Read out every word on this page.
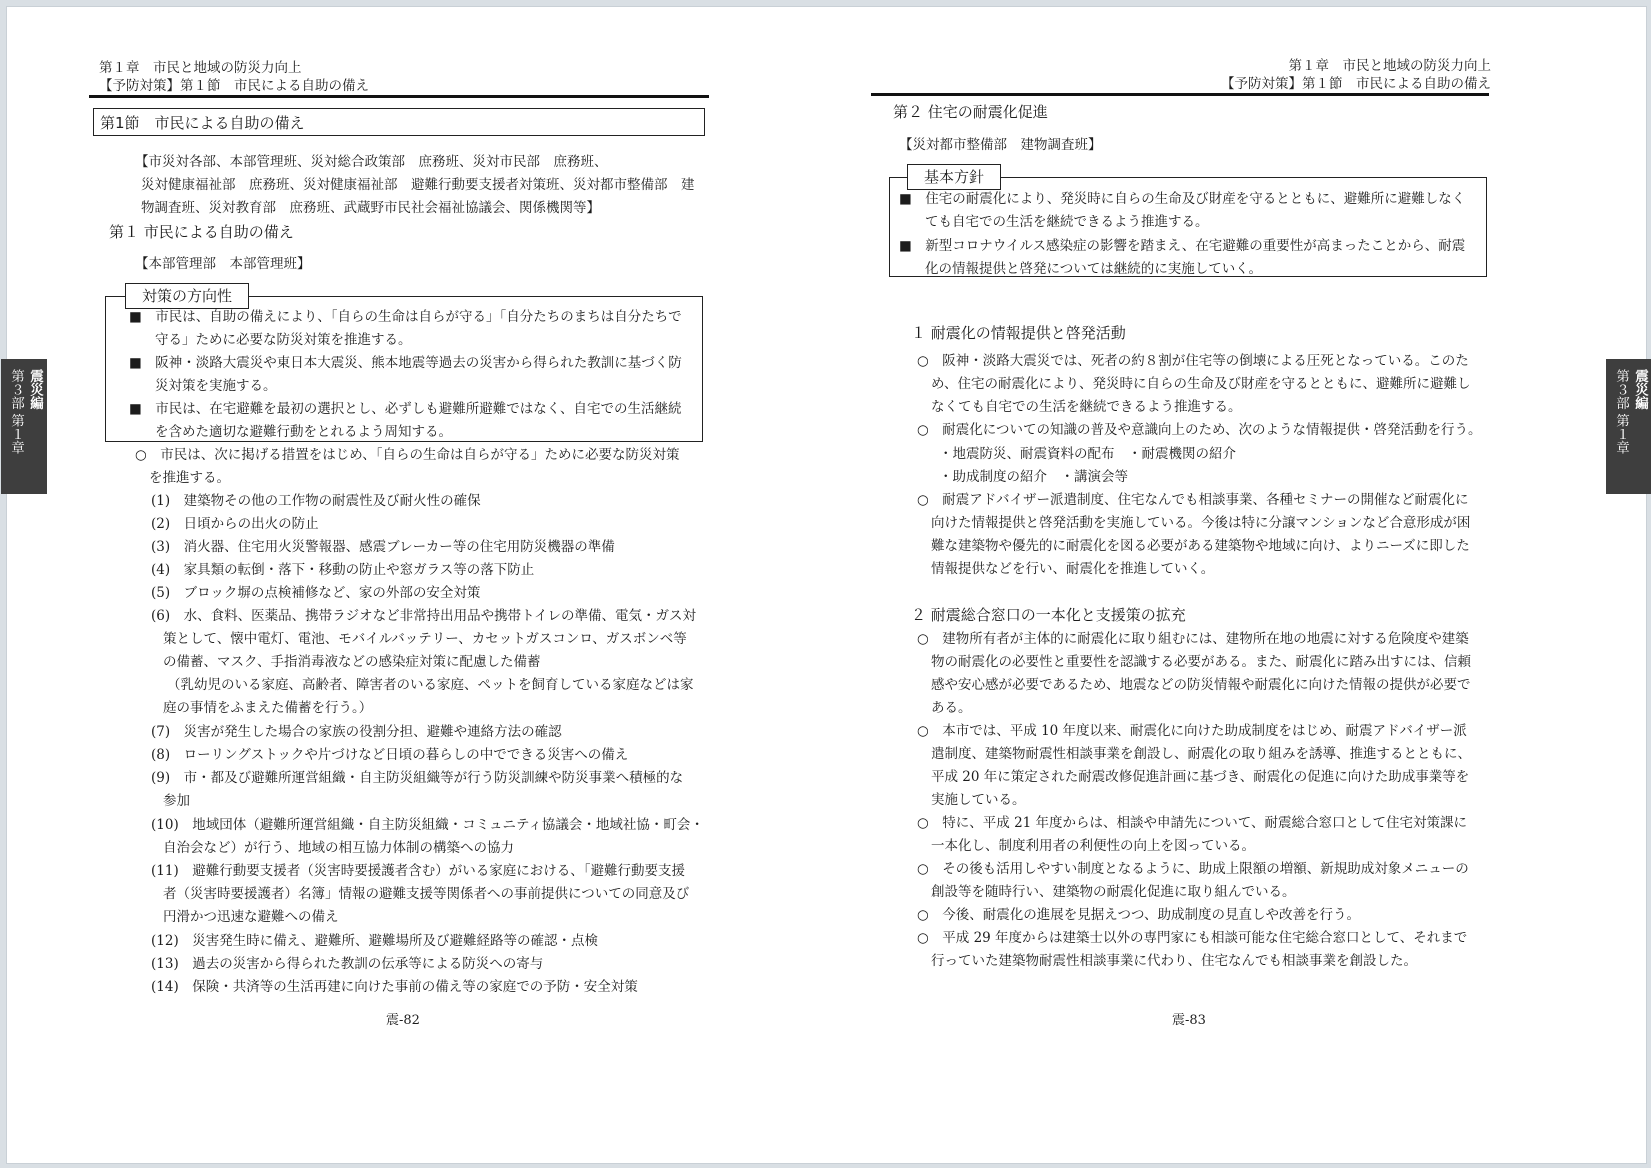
第１章　市民と地域の防災力向上
【予防対策】第１節　市民による自助の備え
第1節　市民による自助の備え
【市災対各部、本部管理班、災対総合政策部　庶務班、災対市民部　庶務班、
災対健康福祉部　庶務班、災対健康福祉部　避難行動要支援者対策班、災対都市整備部　建
物調査班、災対教育部　庶務班、武蔵野市民社会福祉協議会、関係機関等】
第１ 市民による自助の備え
【本部管理部　本部管理班】
対策の方向性
■　市民は、自助の備えにより、「自らの生命は自らが守る」「自分たちのまちは自分たちで
守る」ために必要な防災対策を推進する。
■　阪神・淡路大震災や東日本大震災、熊本地震等過去の災害から得られた教訓に基づく防
災対策を実施する。
■　市民は、在宅避難を最初の選択とし、必ずしも避難所避難ではなく、自宅での生活継続
を含めた適切な避難行動をとれるよう周知する。
○　市民は、次に掲げる措置をはじめ、「自らの生命は自らが守る」ために必要な防災対策
を推進する。
(1)　建築物その他の工作物の耐震性及び耐火性の確保
(2)　日頃からの出火の防止
(3)　消火器、住宅用火災警報器、感震ブレーカー等の住宅用防災機器の準備
(4)　家具類の転倒・落下・移動の防止や窓ガラス等の落下防止
(5)　ブロック塀の点検補修など、家の外部の安全対策
(6)　水、食料、医薬品、携帯ラジオなど非常持出用品や携帯トイレの準備、電気・ガス対
策として、懐中電灯、電池、モバイルバッテリー、カセットガスコンロ、ガスボンベ等
の備蓄、マスク、手指消毒液などの感染症対策に配慮した備蓄
（乳幼児のいる家庭、高齢者、障害者のいる家庭、ペットを飼育している家庭などは家
庭の事情をふまえた備蓄を行う。）
(7)　災害が発生した場合の家族の役割分担、避難や連絡方法の確認
(8)　ローリングストックや片づけなど日頃の暮らしの中でできる災害への備え
(9)　市・都及び避難所運営組織・自主防災組織等が行う防災訓練や防災事業へ積極的な
参加
(10)　地域団体（避難所運営組織・自主防災組織・コミュニティ協議会・地域社協・町会・
自治会など）が行う、地域の相互協力体制の構築への協力
(11)　避難行動要支援者（災害時要援護者含む）がいる家庭における、「避難行動要支援
者（災害時要援護者）名簿」情報の避難支援等関係者への事前提供についての同意及び
円滑かつ迅速な避難への備え
(12)　災害発生時に備え、避難所、避難場所及び避難経路等の確認・点検
(13)　過去の災害から得られた教訓の伝承等による防災への寄与
(14)　保険・共済等の生活再建に向けた事前の備え等の家庭での予防・安全対策
震災編
第３部 第１章
震-82
第１章　市民と地域の防災力向上
【予防対策】第１節　市民による自助の備え
第２ 住宅の耐震化促進
【災対都市整備部　建物調査班】
基本方針
■　住宅の耐震化により、発災時に自らの生命及び財産を守るとともに、避難所に避難しなく
ても自宅での生活を継続できるよう推進する。
■　新型コロナウイルス感染症の影響を踏まえ、在宅避難の重要性が高まったことから、耐震
化の情報提供と啓発については継続的に実施していく。
１ 耐震化の情報提供と啓発活動
○　阪神・淡路大震災では、死者の約８割が住宅等の倒壊による圧死となっている。このた
め、住宅の耐震化により、発災時に自らの生命及び財産を守るとともに、避難所に避難し
なくても自宅での生活を継続できるよう推進する。
○　耐震化についての知識の普及や意識向上のため、次のような情報提供・啓発活動を行う。
・地震防災、耐震資料の配布　・耐震機関の紹介
・助成制度の紹介　・講演会等
○　耐震アドバイザー派遣制度、住宅なんでも相談事業、各種セミナーの開催など耐震化に
向けた情報提供と啓発活動を実施している。今後は特に分譲マンションなど合意形成が困
難な建築物や優先的に耐震化を図る必要がある建築物や地域に向け、よりニーズに即した
情報提供などを行い、耐震化を推進していく。
２ 耐震総合窓口の一本化と支援策の拡充
○　建物所有者が主体的に耐震化に取り組むには、建物所在地の地震に対する危険度や建築
物の耐震化の必要性と重要性を認識する必要がある。また、耐震化に踏み出すには、信頼
感や安心感が必要であるため、地震などの防災情報や耐震化に向けた情報の提供が必要で
ある。
○　本市では、平成 10 年度以来、耐震化に向けた助成制度をはじめ、耐震アドバイザー派
遣制度、建築物耐震性相談事業を創設し、耐震化の取り組みを誘導、推進するとともに、
平成 20 年に策定された耐震改修促進計画に基づき、耐震化の促進に向けた助成事業等を
実施している。
○　特に、平成 21 年度からは、相談や申請先について、耐震総合窓口として住宅対策課に
一本化し、制度利用者の利便性の向上を図っている。
○　その後も活用しやすい制度となるように、助成上限額の増額、新規助成対象メニューの
創設等を随時行い、建築物の耐震化促進に取り組んでいる。
○　今後、耐震化の進展を見据えつつ、助成制度の見直しや改善を行う。
○　平成 29 年度からは建築士以外の専門家にも相談可能な住宅総合窓口として、それまで
行っていた建築物耐震性相談事業に代わり、住宅なんでも相談事業を創設した。
震災編
第３部 第１章
震-83
